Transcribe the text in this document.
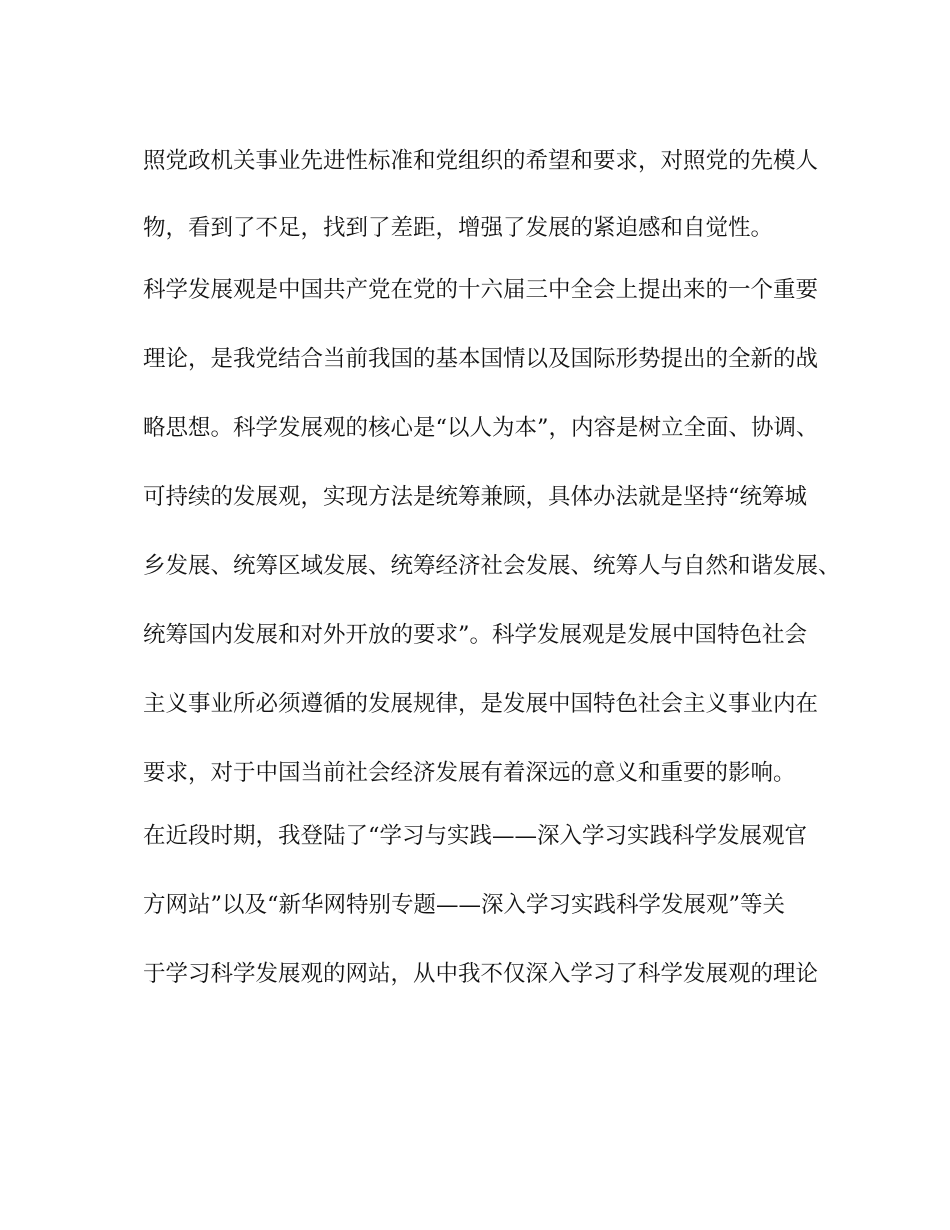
照党政机关事业先进性标准和党组织的希望和要求，对照党的先模人

物，看到了不足，找到了差距，增强了发展的紧迫感和自觉性。

科学发展观是中国共产党在党的十六届三中全会上提出来的一个重要

理论，是我党结合当前我国的基本国情以及国际形势提出的全新的战

略思想。科学发展观的核心是“以人为本”，内容是树立全面、协调、

可持续的发展观，实现方法是统筹兼顾，具体办法就是坚持“统筹城

乡发展、统筹区域发展、统筹经济社会发展、统筹人与自然和谐发展、

统筹国内发展和对外开放的要求”。科学发展观是发展中国特色社会

主义事业所必须遵循的发展规律，是发展中国特色社会主义事业内在

要求，对于中国当前社会经济发展有着深远的意义和重要的影响。

在近段时期，我登陆了“学习与实践——深入学习实践科学发展观官

方网站”以及“新华网特别专题——深入学习实践科学发展观”等关

于学习科学发展观的网站，从中我不仅深入学习了科学发展观的理论
